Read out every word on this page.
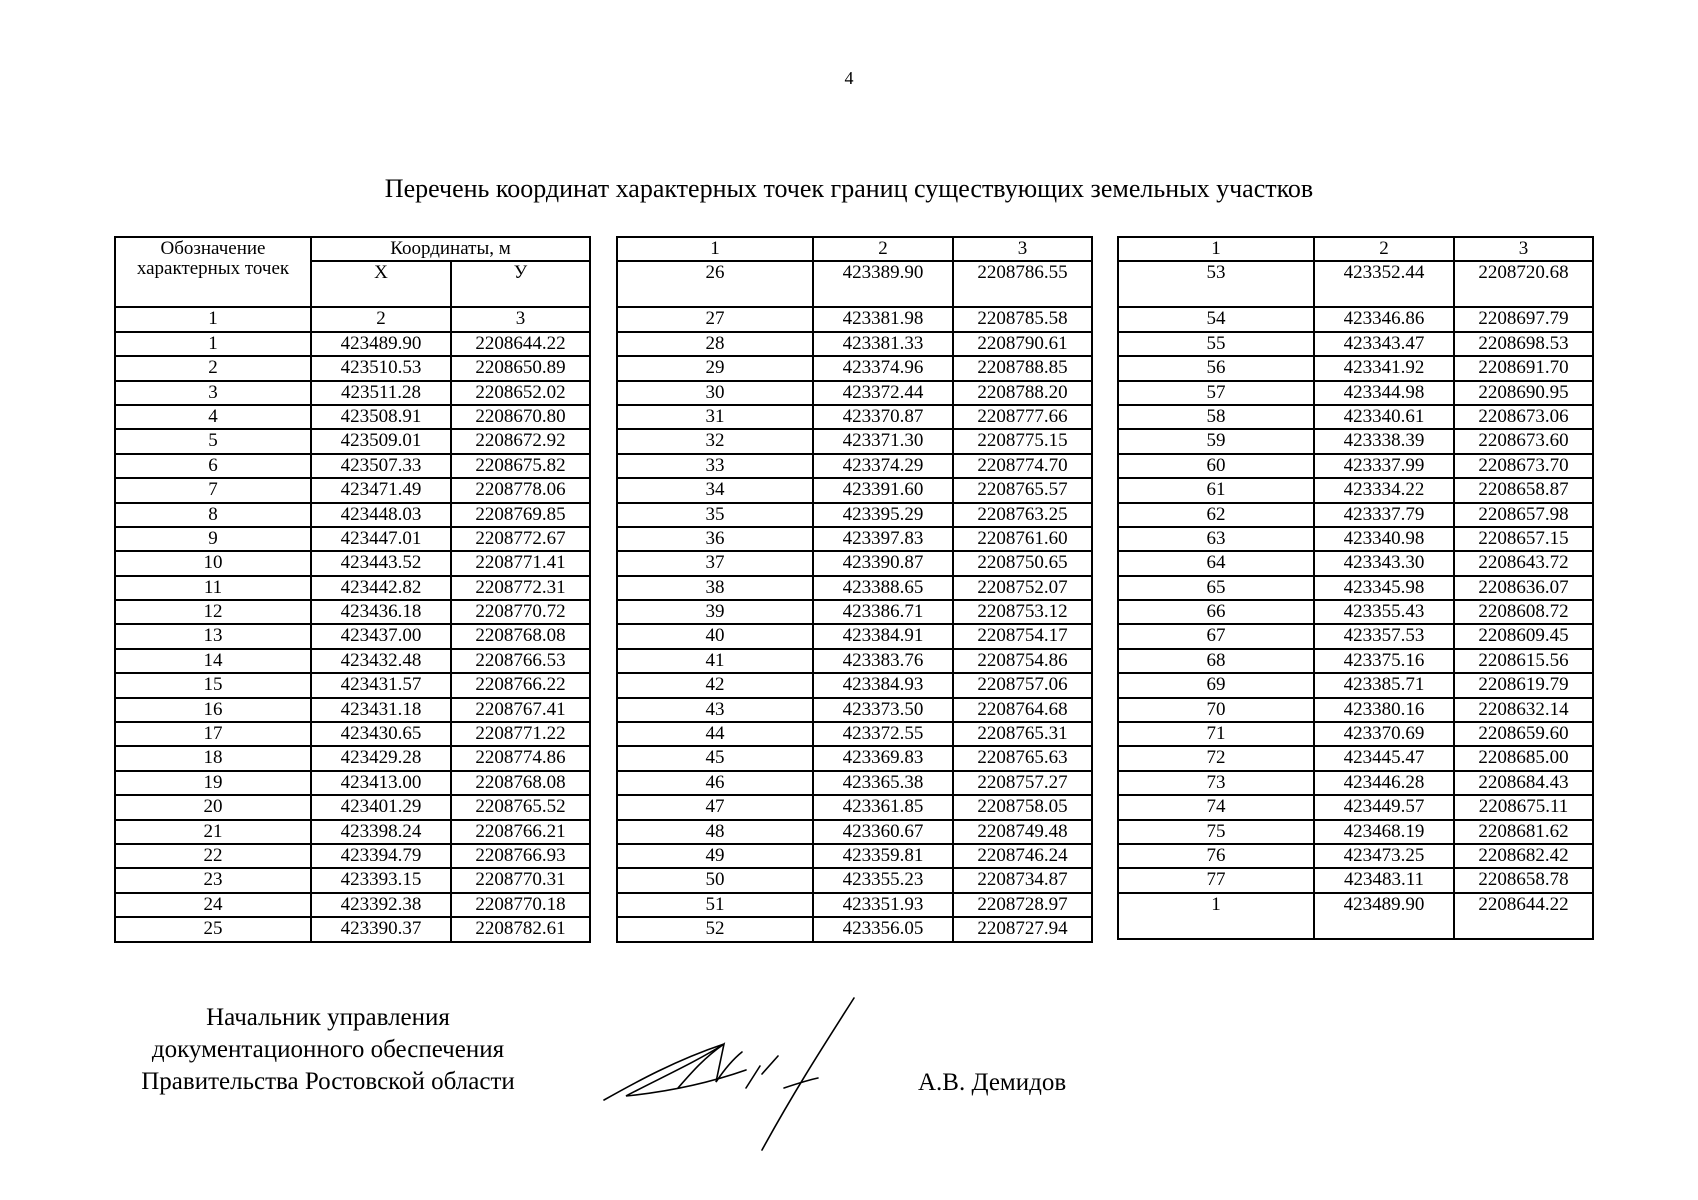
4
Перечень координат характерных точек границ существующих земельных участков
Обозначение характерных точек	Координаты, м	
	X	У
1	2	3
1	423489.90	2208644.22
2	423510.53	2208650.89
3	423511.28	2208652.02
4	423508.91	2208670.80
5	423509.01	2208672.92
6	423507.33	2208675.82
7	423471.49	2208778.06
8	423448.03	2208769.85
9	423447.01	2208772.67
10	423443.52	2208771.41
11	423442.82	2208772.31
12	423436.18	2208770.72
13	423437.00	2208768.08
14	423432.48	2208766.53
15	423431.57	2208766.22
16	423431.18	2208767.41
17	423430.65	2208771.22
18	423429.28	2208774.86
19	423413.00	2208768.08
20	423401.29	2208765.52
21	423398.24	2208766.21
22	423394.79	2208766.93
23	423393.15	2208770.31
24	423392.38	2208770.18
25	423390.37	2208782.61
1	2	3
26	423389.90	2208786.55
27	423381.98	2208785.58
28	423381.33	2208790.61
29	423374.96	2208788.85
30	423372.44	2208788.20
31	423370.87	2208777.66
32	423371.30	2208775.15
33	423374.29	2208774.70
34	423391.60	2208765.57
35	423395.29	2208763.25
36	423397.83	2208761.60
37	423390.87	2208750.65
38	423388.65	2208752.07
39	423386.71	2208753.12
40	423384.91	2208754.17
41	423383.76	2208754.86
42	423384.93	2208757.06
43	423373.50	2208764.68
44	423372.55	2208765.31
45	423369.83	2208765.63
46	423365.38	2208757.27
47	423361.85	2208758.05
48	423360.67	2208749.48
49	423359.81	2208746.24
50	423355.23	2208734.87
51	423351.93	2208728.97
52	423356.05	2208727.94
1	2	3
53	423352.44	2208720.68
54	423346.86	2208697.79
55	423343.47	2208698.53
56	423341.92	2208691.70
57	423344.98	2208690.95
58	423340.61	2208673.06
59	423338.39	2208673.60
60	423337.99	2208673.70
61	423334.22	2208658.87
62	423337.79	2208657.98
63	423340.98	2208657.15
64	423343.30	2208643.72
65	423345.98	2208636.07
66	423355.43	2208608.72
67	423357.53	2208609.45
68	423375.16	2208615.56
69	423385.71	2208619.79
70	423380.16	2208632.14
71	423370.69	2208659.60
72	423445.47	2208685.00
73	423446.28	2208684.43
74	423449.57	2208675.11
75	423468.19	2208681.62
76	423473.25	2208682.42
77	423483.11	2208658.78
1	423489.90	2208644.22
Начальник управления
документационного обеспечения
Правительства Ростовской области	А.В. Демидов
